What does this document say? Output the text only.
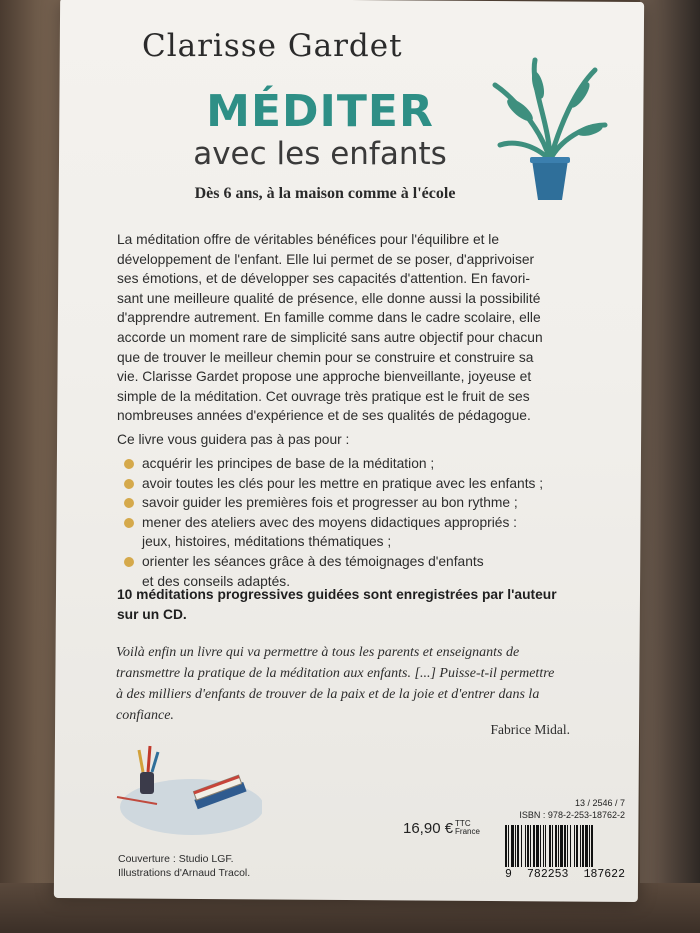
Clarisse Gardet
MÉDITER
avec les enfants
Dès 6 ans, à la maison comme à l'école
La méditation offre de véritables bénéfices pour l'équilibre et le
développement de l'enfant. Elle lui permet de se poser, d'apprivoiser
ses émotions, et de développer ses capacités d'attention. En favori-
sant une meilleure qualité de présence, elle donne aussi la possibilité
d'apprendre autrement. En famille comme dans le cadre scolaire, elle
accorde un moment rare de simplicité sans autre objectif pour chacun
que de trouver le meilleur chemin pour se construire et construire sa
vie. Clarisse Gardet propose une approche bienveillante, joyeuse et
simple de la méditation. Cet ouvrage très pratique est le fruit de ses
nombreuses années d'expérience et de ses qualités de pédagogue.
Ce livre vous guidera pas à pas pour :
acquérir les principes de base de la méditation ;
avoir toutes les clés pour les mettre en pratique avec les enfants ;
savoir guider les premières fois et progresser au bon rythme ;
mener des ateliers avec des moyens didactiques appropriés :
jeux, histoires, méditations thématiques ;
orienter les séances grâce à des témoignages d'enfants
et des conseils adaptés.
10 méditations progressives guidées sont enregistrées par l'auteur
sur un CD.
Voilà enfin un livre qui va permettre à tous les parents et enseignants de
transmettre la pratique de la méditation aux enfants. [...] Puisse-t-il permettre
à des milliers d'enfants de trouver de la paix et de la joie et d'entrer dans la
confiance.
Fabrice Midal.
16,90 € TTC
France
13 / 2546 / 7
ISBN : 978-2-253-18762-2
9 782253 187622
Couverture : Studio LGF.
Illustrations d'Arnaud Tracol.
